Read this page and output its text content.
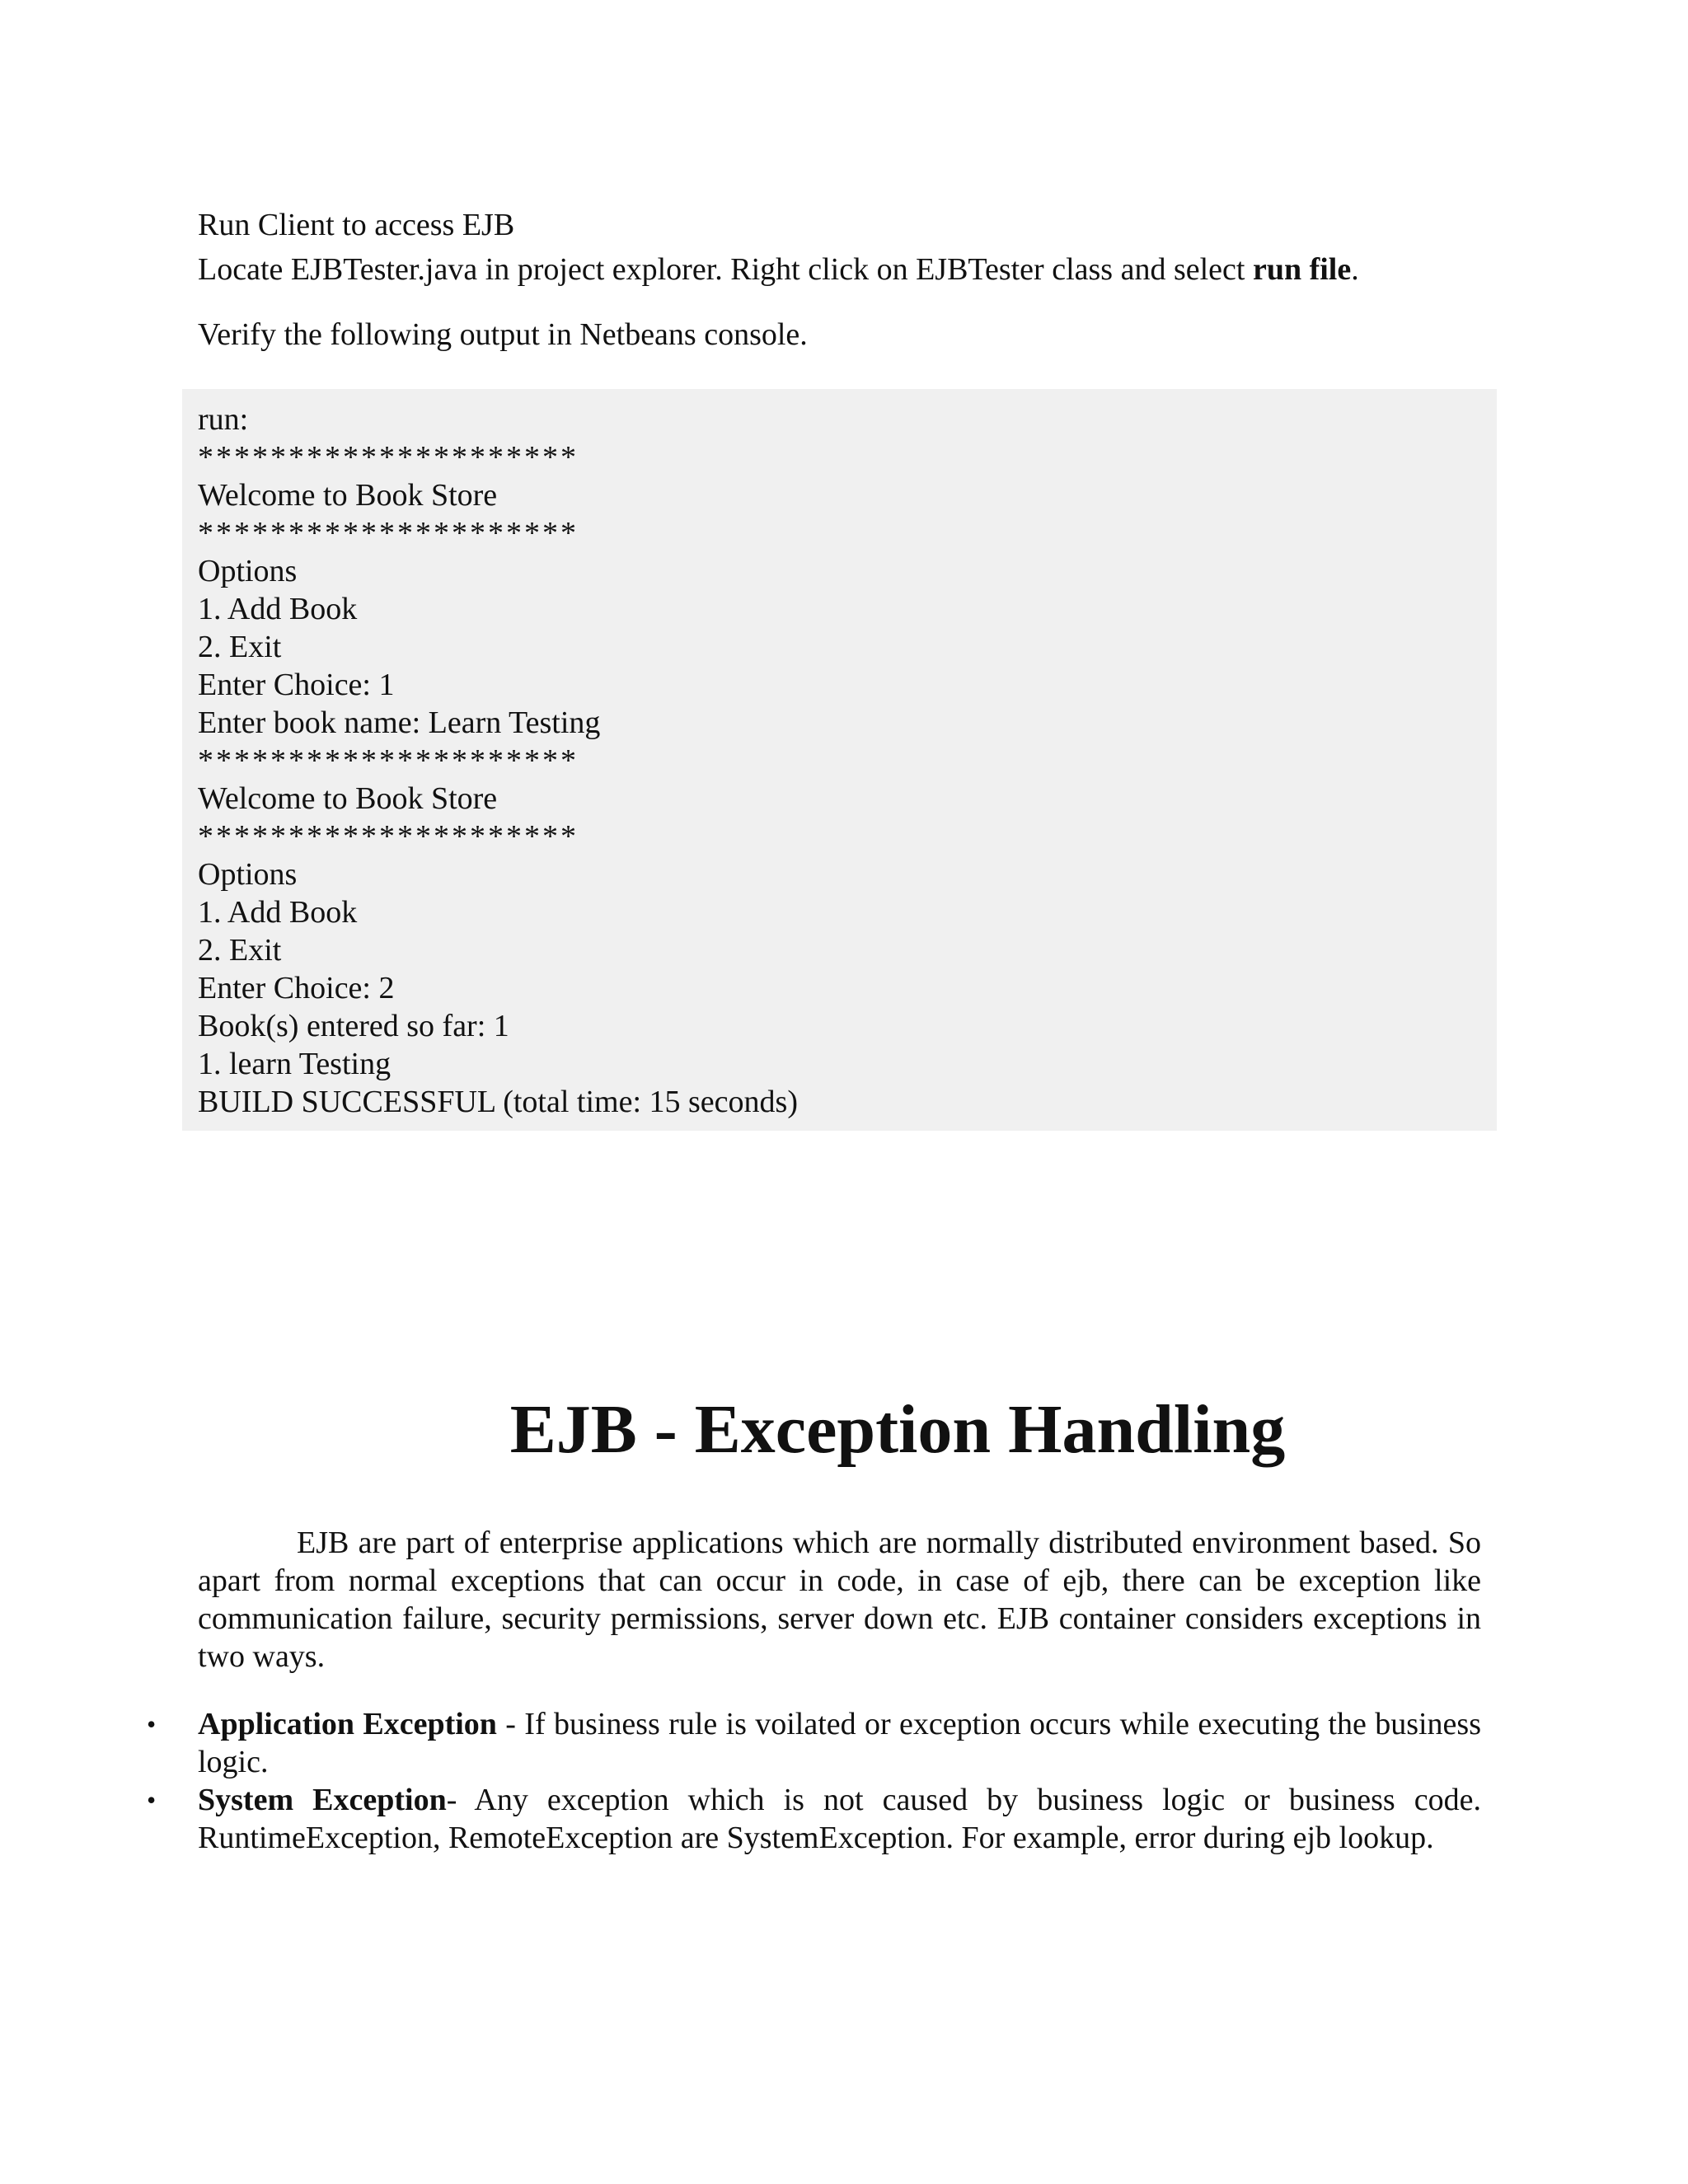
Run Client to access EJB
Locate EJBTester.java in project explorer. Right click on EJBTester class and select run file.
Verify the following output in Netbeans console.
run:
*********************
Welcome to Book Store
*********************
Options
1. Add Book
2. Exit
Enter Choice: 1
Enter book name: Learn Testing
*********************
Welcome to Book Store
*********************
Options
1. Add Book
2. Exit
Enter Choice: 2
Book(s) entered so far: 1
1. learn Testing
BUILD SUCCESSFUL (total time: 15 seconds)
EJB - Exception Handling

EJB are part of enterprise applications which are normally distributed environment based. So apart from normal exceptions that can occur in code, in case of ejb, there can be exception like communication failure, security permissions, server down etc. EJB container considers exceptions in two ways.

• Application Exception - If business rule is voilated or exception occurs while executing the business logic.
• System Exception- Any exception which is not caused by business logic or business code. RuntimeException, RemoteException are SystemException. For example, error during ejb lookup.
